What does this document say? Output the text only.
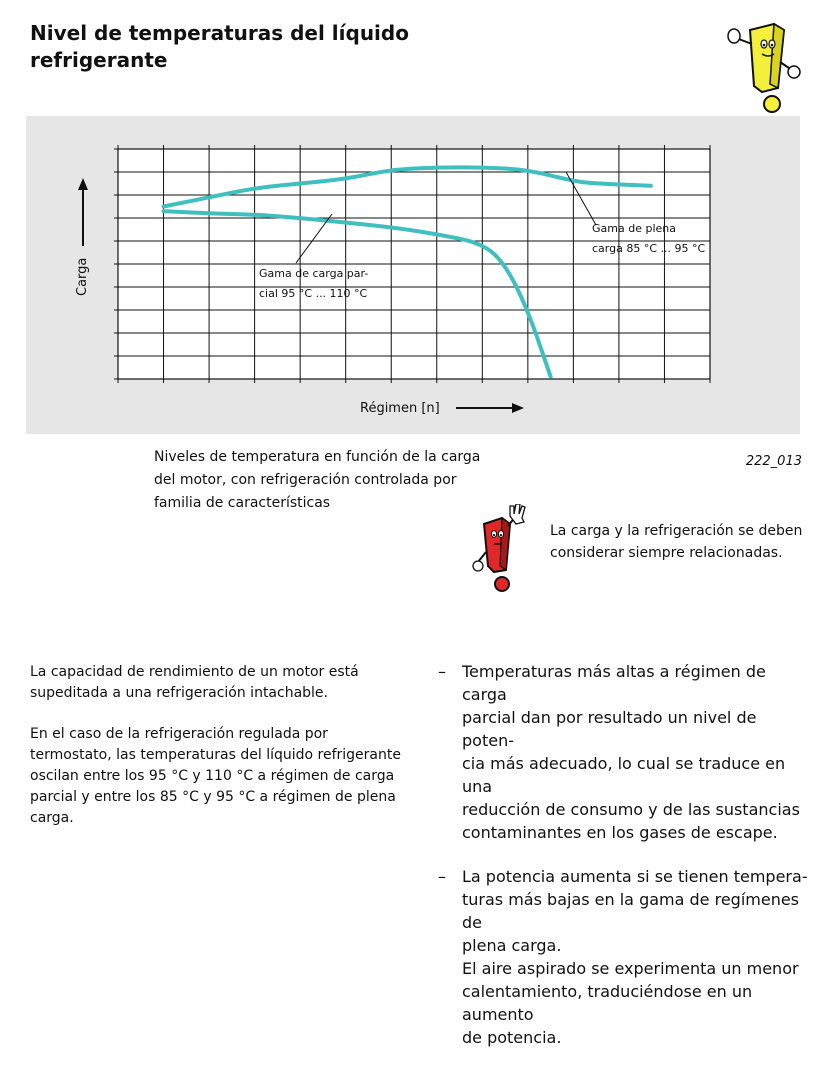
Nivel de temperaturas del líquido
refrigerante
Gama de plena
carga 85 °C ... 95 °C
Gama de carga par-
cial 95 °C ... 110 °C
Carga
Régimen [n]
Niveles de temperatura en función de la carga
del motor, con refrigeración controlada por
familia de características
222_013
La carga y la refrigeración se deben
considerar siempre relacionadas.

La capacidad de rendimiento de un motor está
supeditada a una refrigeración intachable.

En el caso de la refrigeración regulada por
termostato, las temperaturas del líquido refrigerante
oscilan entre los 95 °C y 110 °C a régimen de carga
parcial y entre los 85 °C y 95 °C a régimen de plena
carga.

– Temperaturas más altas a régimen de carga
parcial dan por resultado un nivel de poten-
cia más adecuado, lo cual se traduce en una
reducción de consumo y de las sustancias
contaminantes en los gases de escape.
– La potencia aumenta si se tienen tempera-
turas más bajas en la gama de regímenes de
plena carga.
El aire aspirado se experimenta un menor
calentamiento, traduciéndose en un aumento
de potencia.
